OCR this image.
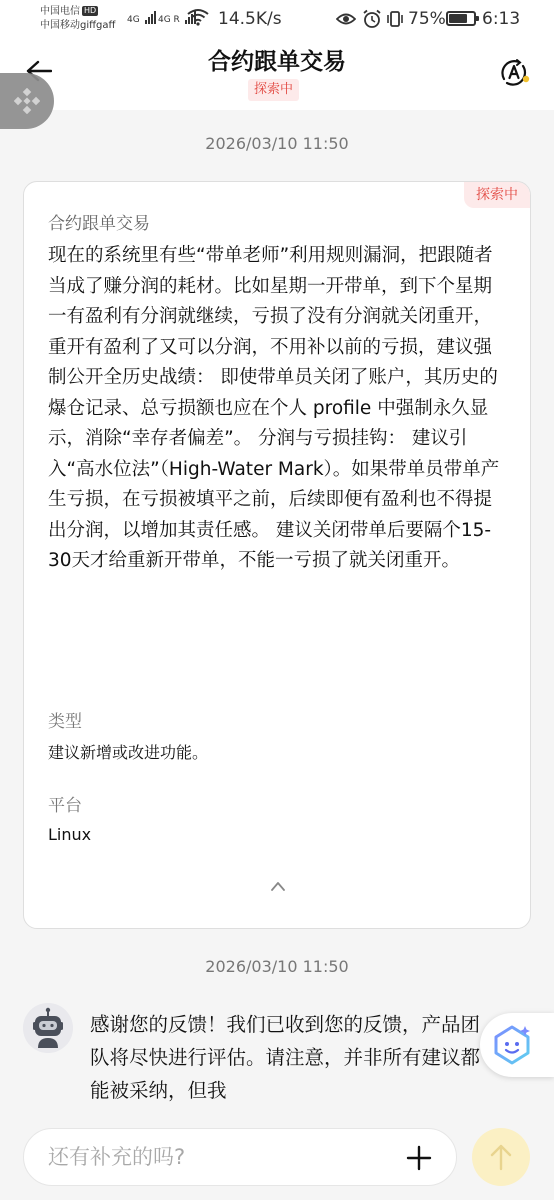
中国电信 HD
中国移动giffgaff 4G	4G R	14.5K/s	75% 6:13
合约跟单交易
探索中
2026/03/10 11:50
探索中
合约跟单交易
现在的系统里有些“带单老师”利用规则漏洞，把跟随者当成了赚分润的耗材。比如星期一开带单，到下个星期一有盈利有分润就继续，亏损了没有分润就关闭重开，重开有盈利了又可以分润，不用补以前的亏损，建议强制公开全历史战绩： 即使带单员关闭了账户，其历史的爆仓记录、总亏损额也应在个人 profile 中强制永久显示，消除“幸存者偏差”。 分润与亏损挂钩： 建议引入“高水位法”（High-Water Mark）。如果带单员带单产生亏损，在亏损被填平之前，后续即便有盈利也不得提出分润，以增加其责任感。 建议关闭带单后要隔个15-30天才给重新开带单，不能一亏损了就关闭重开。
类型
建议新增或改进功能。
平台
Linux
2026/03/10 11:50
感谢您的反馈！我们已收到您的反馈，产品团队将尽快进行评估。请注意，并非所有建议都能被采纳，但我
还有补充的吗?
